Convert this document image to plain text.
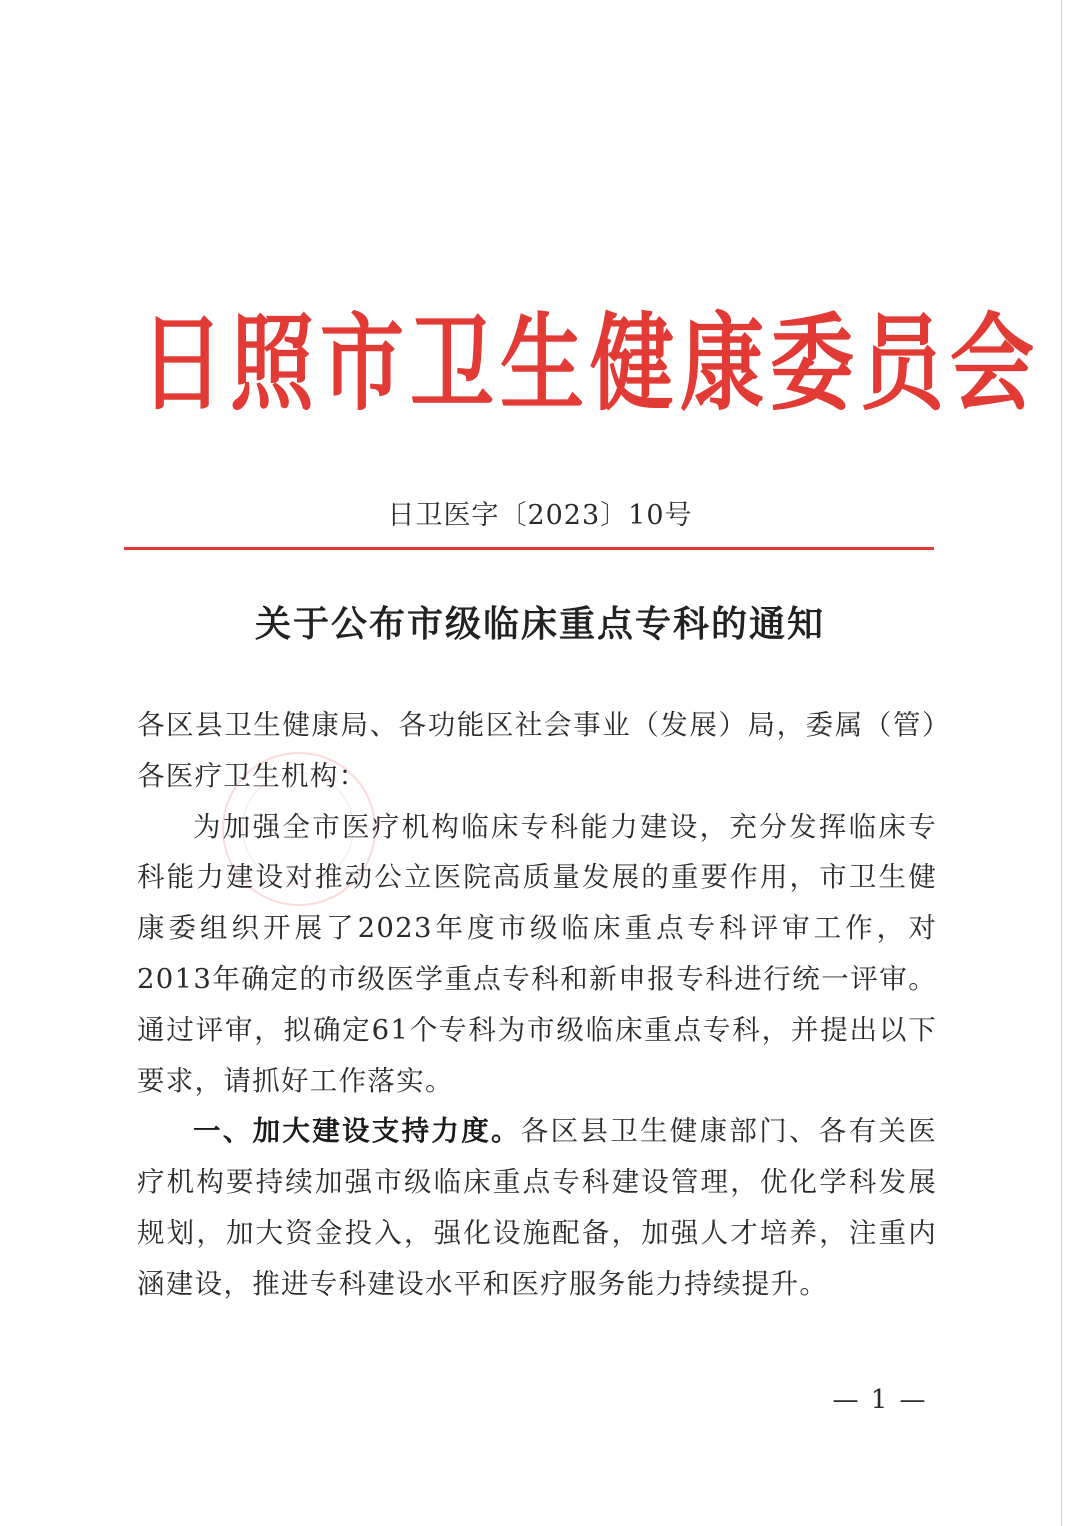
日照市卫生健康委员会
日卫医字〔2023〕10号
关于公布市级临床重点专科的通知

各区县卫生健康局、各功能区社会事业（发展）局，委属（管）各医疗卫生机构：

为加强全市医疗机构临床专科能力建设，充分发挥临床专科能力建设对推动公立医院高质量发展的重要作用，市卫生健康委组织开展了2023年度市级临床重点专科评审工作，对2013年确定的市级医学重点专科和新申报专科进行统一评审。通过评审，拟确定61个专科为市级临床重点专科，并提出以下要求，请抓好工作落实。

一、加大建设支持力度。各区县卫生健康部门、各有关医疗机构要持续加强市级临床重点专科建设管理，优化学科发展规划，加大资金投入，强化设施配备，加强人才培养，注重内涵建设，推进专科建设水平和医疗服务能力持续提升。

— 1 —
